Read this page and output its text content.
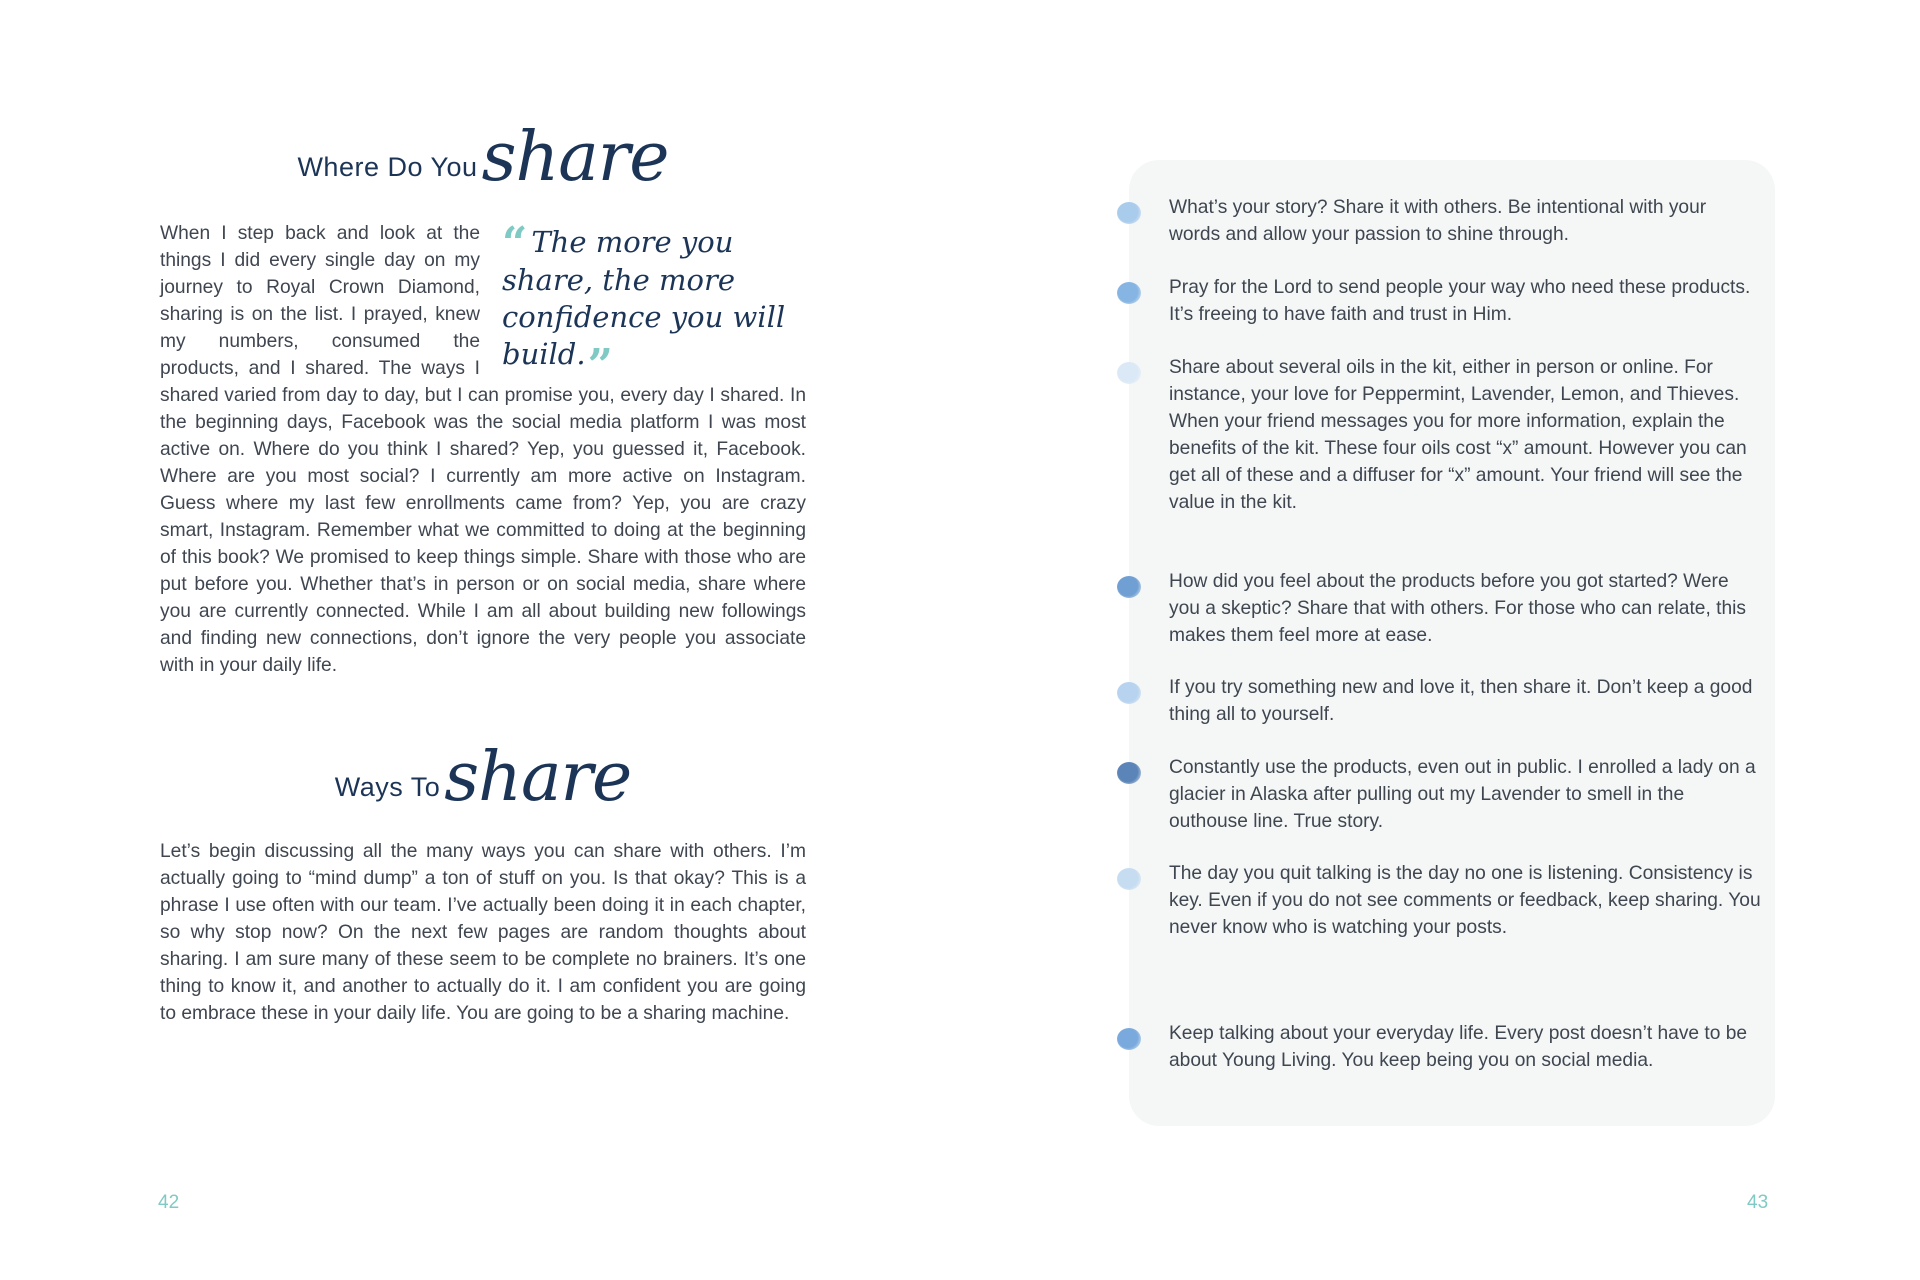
Where Do Youshare
“ The more you share, the more confidence you will build.”
When I step back and look at the things I did every single day on my journey to Royal Crown Diamond, sharing is on the list. I prayed, knew my numbers, consumed the products, and I shared. The ways I shared varied from day to day, but I can promise you, every day I shared. In the beginning days, Facebook was the social media platform I was most active on. Where do you think I shared? Yep, you guessed it, Facebook. Where are you most social? I currently am more active on Instagram. Guess where my last few enrollments came from? Yep, you are crazy smart, Instagram. Remember what we committed to doing at the beginning of this book? We promised to keep things simple. Share with those who are put before you. Whether that’s in person or on social media, share where you are currently connected. While I am all about building new followings and finding new connections, don’t ignore the very people you associate with in your daily life.
Ways Toshare

Let’s begin discussing all the many ways you can share with others. I’m actually going to “mind dump” a ton of stuff on you. Is that okay? This is a phrase I use often with our team. I’ve actually been doing it in each chapter, so why stop now? On the next few pages are random thoughts about sharing. I am sure many of these seem to be complete no brainers. It’s one thing to know it, and another to actually do it. I am confident you are going to embrace these in your daily life. You are going to be a sharing machine.

42

What’s your story? Share it with others. Be intentional with your words and allow your passion to shine through.

Pray for the Lord to send people your way who need these products. It’s freeing to have faith and trust in Him.

Share about several oils in the kit, either in person or online. For instance, your love for Peppermint, Lavender, Lemon, and Thieves. When your friend messages you for more information, explain the benefits of the kit. These four oils cost “x” amount. However you can get all of these and a diffuser for “x” amount. Your friend will see the value in the kit.

How did you feel about the products before you got started? Were you a skeptic? Share that with others. For those who can relate, this makes them feel more at ease.

If you try something new and love it, then share it. Don’t keep a good thing all to yourself.

Constantly use the products, even out in public. I enrolled a lady on a glacier in Alaska after pulling out my Lavender to smell in the outhouse line. True story.

The day you quit talking is the day no one is listening. Consistency is key. Even if you do not see comments or feedback, keep sharing. You never know who is watching your posts.

Keep talking about your everyday life. Every post doesn’t have to be about Young Living. You keep being you on social media.

43
